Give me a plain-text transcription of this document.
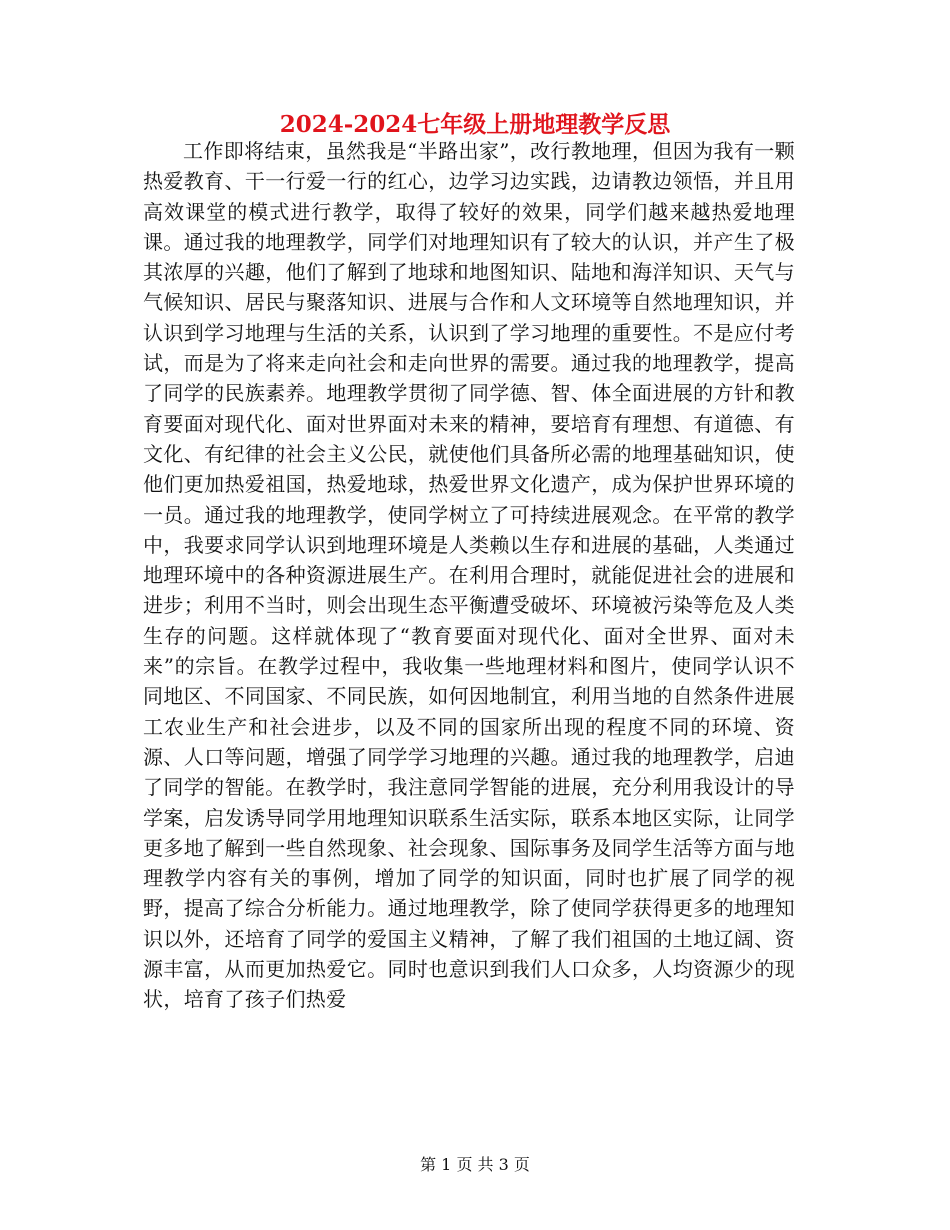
2024-2024七年级上册地理教学反思

工作即将结束，虽然我是“半路出家”，改行教地理，但因为我有一颗热爱教育、干一行爱一行的红心，边学习边实践，边请教边领悟，并且用高效课堂的模式进行教学，取得了较好的效果，同学们越来越热爱地理课。通过我的地理教学，同学们对地理知识有了较大的认识，并产生了极其浓厚的兴趣，他们了解到了地球和地图知识、陆地和海洋知识、天气与气候知识、居民与聚落知识、进展与合作和人文环境等自然地理知识，并认识到学习地理与生活的关系，认识到了学习地理的重要性。不是应付考试，而是为了将来走向社会和走向世界的需要。通过我的地理教学，提高了同学的民族素养。地理教学贯彻了同学德、智、体全面进展的方针和教育要面对现代化、面对世界面对未来的精神，要培育有理想、有道德、有文化、有纪律的社会主义公民，就使他们具备所必需的地理基础知识，使他们更加热爱祖国，热爱地球，热爱世界文化遗产，成为保护世界环境的一员。通过我的地理教学，使同学树立了可持续进展观念。在平常的教学中，我要求同学认识到地理环境是人类赖以生存和进展的基础，人类通过地理环境中的各种资源进展生产。在利用合理时，就能促进社会的进展和进步；利用不当时，则会出现生态平衡遭受破坏、环境被污染等危及人类生存的问题。这样就体现了“教育要面对现代化、面对全世界、面对未来”的宗旨。在教学过程中，我收集一些地理材料和图片，使同学认识不同地区、不同国家、不同民族，如何因地制宜，利用当地的自然条件进展工农业生产和社会进步，以及不同的国家所出现的程度不同的环境、资源、人口等问题，增强了同学学习地理的兴趣。通过我的地理教学，启迪了同学的智能。在教学时，我注意同学智能的进展，充分利用我设计的导学案，启发诱导同学用地理知识联系生活实际，联系本地区实际，让同学更多地了解到一些自然现象、社会现象、国际事务及同学生活等方面与地理教学内容有关的事例，增加了同学的知识面，同时也扩展了同学的视野，提高了综合分析能力。通过地理教学，除了使同学获得更多的地理知识以外，还培育了同学的爱国主义精神，了解了我们祖国的土地辽阔、资源丰富，从而更加热爱它。同时也意识到我们人口众多，人均资源少的现状，培育了孩子们热爱

第 1 页 共 3 页
